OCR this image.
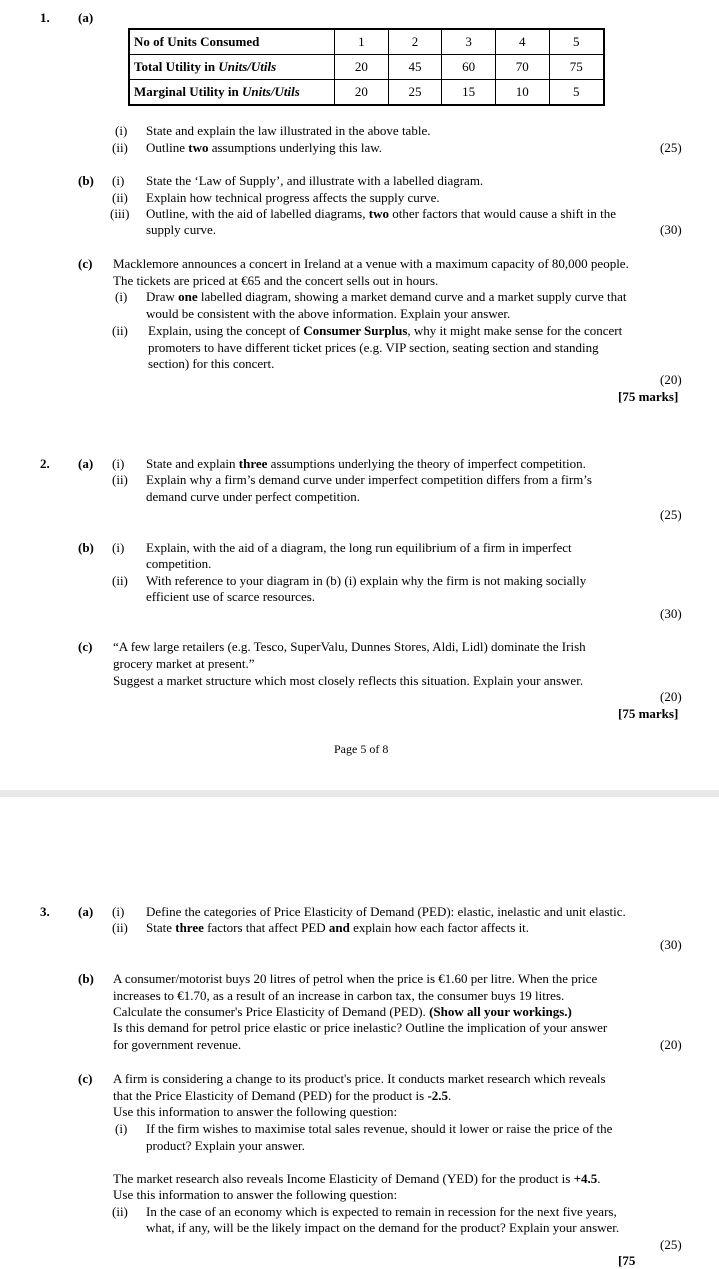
1. (a)
No of Units Consumed	1	2	3	4	5
Total Utility in Units/Utils	20	45	60	70	75
Marginal Utility in Units/Utils	20	25	15	10	5
(i) State and explain the law illustrated in the above table.
(ii) Outline two assumptions underlying this law.	(25)
(b) (i) State the ‘Law of Supply’, and illustrate with a labelled diagram.
(ii) Explain how technical progress affects the supply curve.
(iii) Outline, with the aid of labelled diagrams, two other factors that would cause a shift in the
supply curve.	(30)
(c) Macklemore announces a concert in Ireland at a venue with a maximum capacity of 80,000 people.
The tickets are priced at €65 and the concert sells out in hours.
(i) Draw one labelled diagram, showing a market demand curve and a market supply curve that
would be consistent with the above information. Explain your answer.
(ii) Explain, using the concept of Consumer Surplus, why it might make sense for the concert
promoters to have different ticket prices (e.g. VIP section, seating section and standing
section) for this concert.
(20)
[75 marks]
2. (a) (i) State and explain three assumptions underlying the theory of imperfect competition.
(ii) Explain why a firm’s demand curve under imperfect competition differs from a firm’s
demand curve under perfect competition.
(25)
(b) (i) Explain, with the aid of a diagram, the long run equilibrium of a firm in imperfect
competition.
(ii) With reference to your diagram in (b) (i) explain why the firm is not making socially
efficient use of scarce resources.
(30)
(c) “A few large retailers (e.g. Tesco, SuperValu, Dunnes Stores, Aldi, Lidl) dominate the Irish
grocery market at present.”
Suggest a market structure which most closely reflects this situation. Explain your answer.
(20)
[75 marks]
Page 5 of 8
3. (a) (i) Define the categories of Price Elasticity of Demand (PED): elastic, inelastic and unit elastic.
(ii) State three factors that affect PED and explain how each factor affects it.
(30)
(b) A consumer/motorist buys 20 litres of petrol when the price is €1.60 per litre. When the price
increases to €1.70, as a result of an increase in carbon tax, the consumer buys 19 litres.
Calculate the consumer's Price Elasticity of Demand (PED). (Show all your workings.)
Is this demand for petrol price elastic or price inelastic? Outline the implication of your answer
for government revenue.	(20)
(c) A firm is considering a change to its product's price. It conducts market research which reveals
that the Price Elasticity of Demand (PED) for the product is -2.5.
Use this information to answer the following question:
(i) If the firm wishes to maximise total sales revenue, should it lower or raise the price of the
product? Explain your answer.
The market research also reveals Income Elasticity of Demand (YED) for the product is +4.5.
Use this information to answer the following question:
(ii) In the case of an economy which is expected to remain in recession for the next five years,
what, if any, will be the likely impact on the demand for the product? Explain your answer.
(25)
[75
